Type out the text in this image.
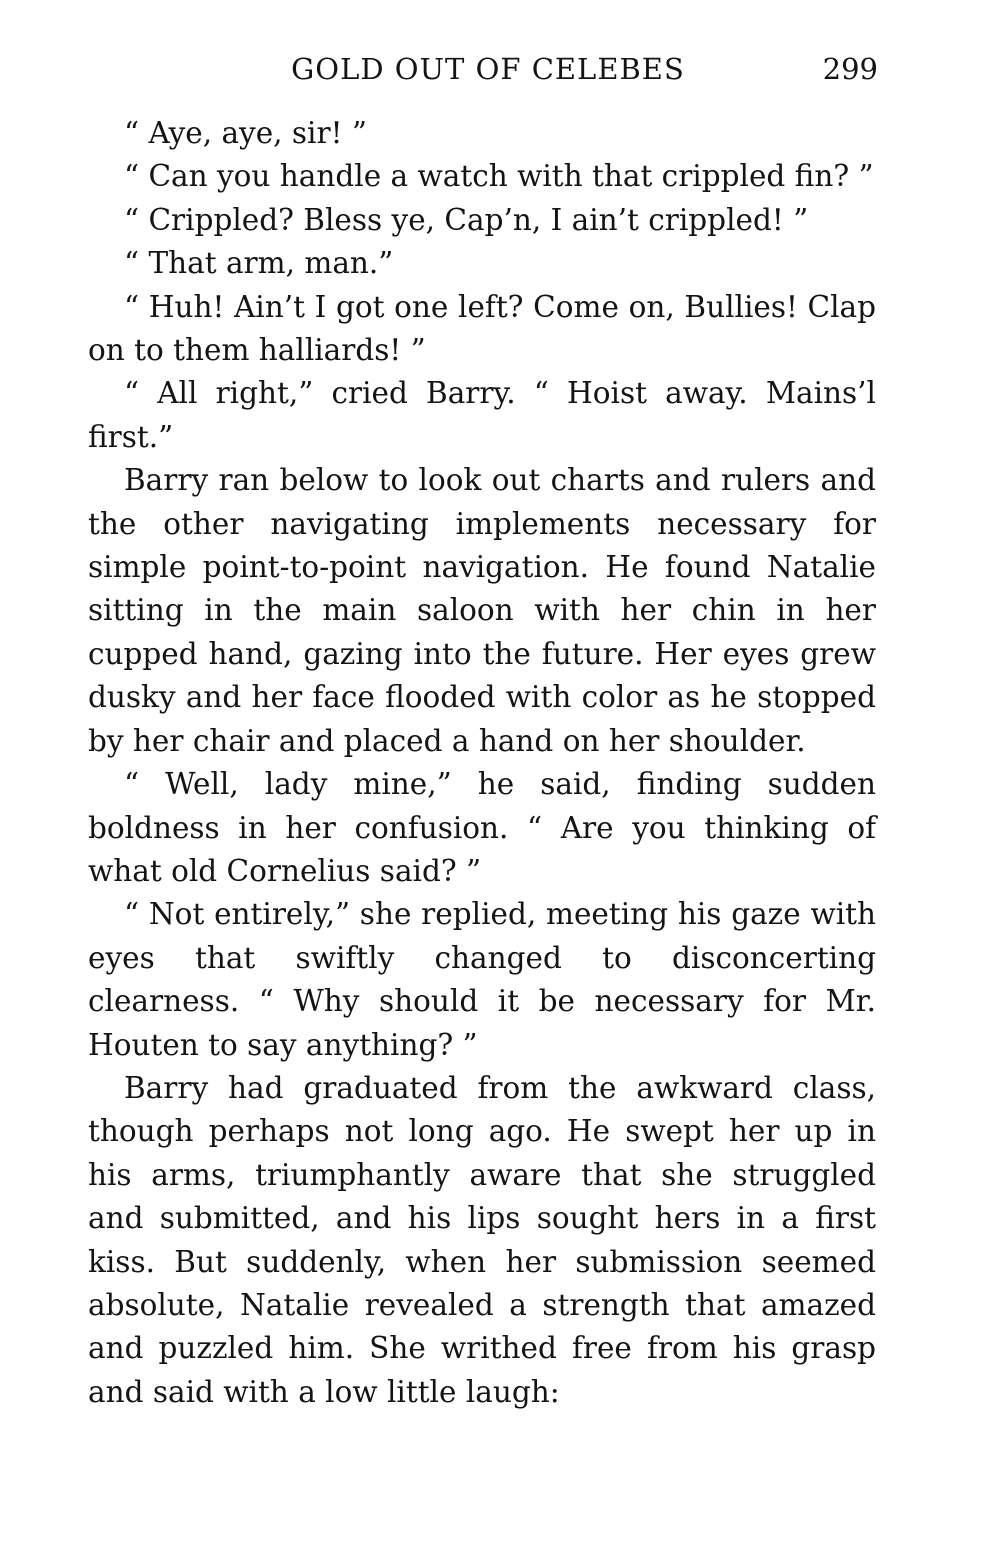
GOLD OUT OF CELEBES	299

“ Aye, aye, sir! ”

“ Can you handle a watch with that crippled fin? ”

“ Crippled? Bless ye, Cap’n, I ain’t crippled! ”

“ That arm, man.”

“ Huh! Ain’t I got one left? Come on, Bullies! Clap on to them halliards! ”

“ All right,” cried Barry. “ Hoist away. Mains’l first.”

Barry ran below to look out charts and rulers and the other navigating implements necessary for simple point-to-point navigation. He found Natalie sitting in the main saloon with her chin in her cupped hand, gazing into the future. Her eyes grew dusky and her face flooded with color as he stopped by her chair and placed a hand on her shoulder.

“ Well, lady mine,” he said, finding sudden boldness in her confusion. “ Are you thinking of what old Cornelius said? ”

“ Not entirely,” she replied, meeting his gaze with eyes that swiftly changed to disconcerting clearness. “ Why should it be necessary for Mr. Houten to say anything? ”

Barry had graduated from the awkward class, though perhaps not long ago. He swept her up in his arms, triumphantly aware that she struggled and submitted, and his lips sought hers in a first kiss. But suddenly, when her submission seemed absolute, Natalie revealed a strength that amazed and puzzled him. She writhed free from his grasp and said with a low little laugh:
